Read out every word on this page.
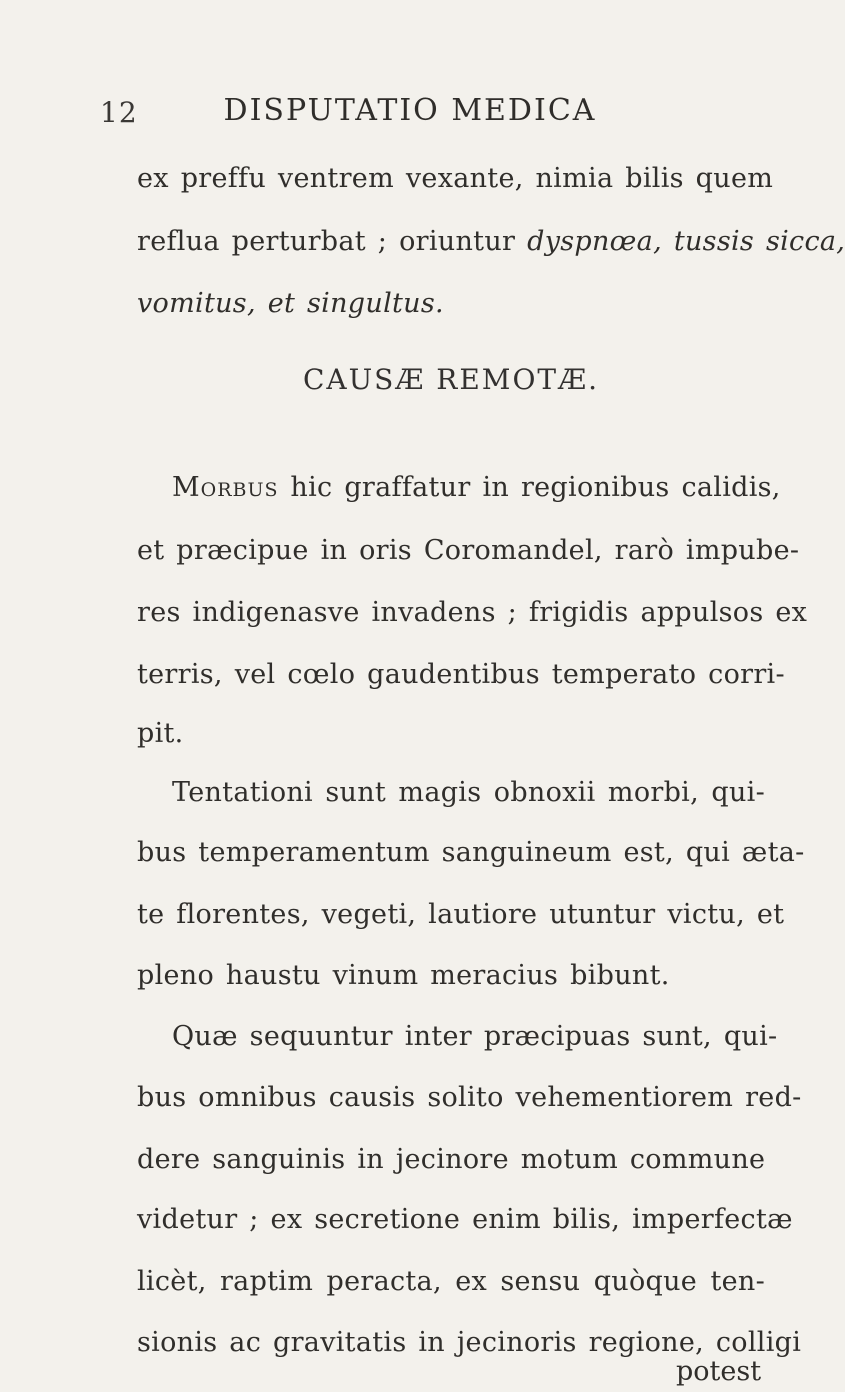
12	DISPUTATIO MEDICA
ex preffu ventrem vexante, nimia bilis quem
reflua perturbat ; oriuntur dyspnœa, tussis sicca,
vomitus, et singultus.
CAUSÆ REMOTÆ.
Morbus hic graffatur in regionibus calidis,
et præcipue in oris Coromandel, rarò impube-
res indigenasve invadens ; frigidis appulsos ex
terris, vel cœlo gaudentibus temperato corri-
pit.
Tentationi sunt magis obnoxii morbi, qui-
bus temperamentum sanguineum est, qui æta-
te florentes, vegeti, lautiore utuntur victu, et
pleno haustu vinum meracius bibunt.
Quæ sequuntur inter præcipuas sunt, qui-
bus omnibus causis solito vehementiorem red-
dere sanguinis in jecinore motum commune
videtur ; ex secretione enim bilis, imperfectæ
licèt, raptim peracta, ex sensu quòque ten-
sionis ac gravitatis in jecinoris regione, colligi
potest
